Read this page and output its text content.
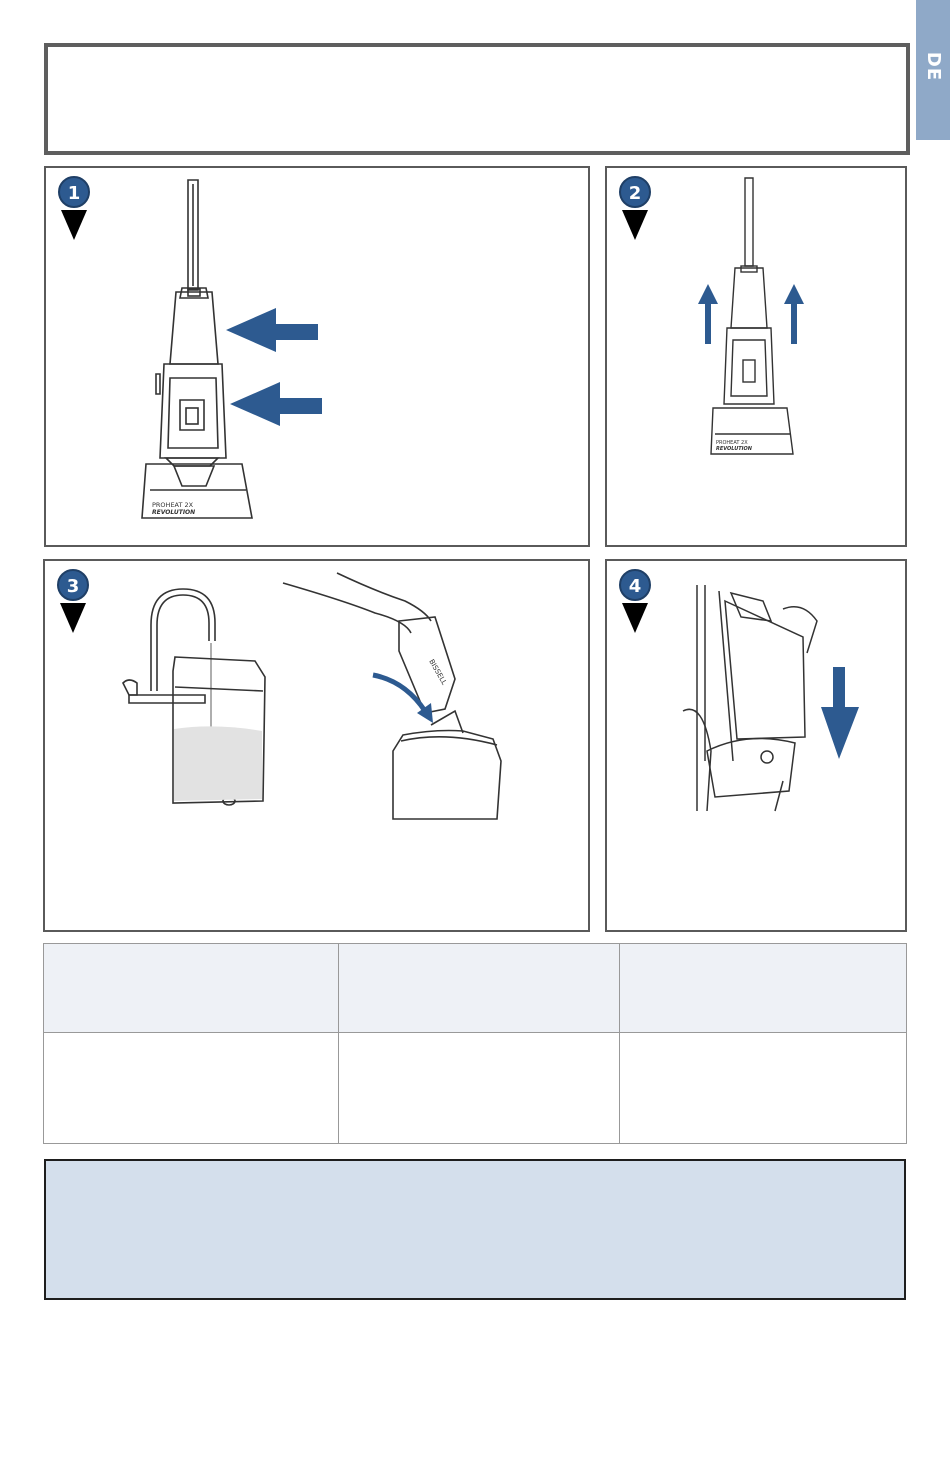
DE
1
PROHEAT 2X
REVOLUTION
2
PROHEAT 2X
REVOLUTION
3
BISSELL
4
